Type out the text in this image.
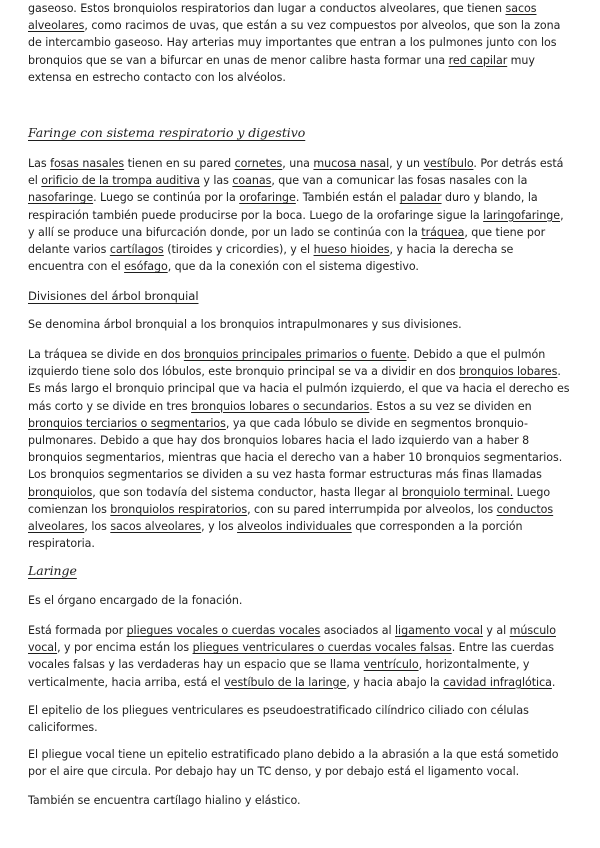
gaseoso. Estos bronquiolos respiratorios dan lugar a conductos alveolares, que tienen sacos alveolares, como racimos de uvas, que están a su vez compuestos por alveolos, que son la zona de intercambio gaseoso. Hay arterias muy importantes que entran a los pulmones junto con los bronquios que se van a bifurcar en unas de menor calibre hasta formar una red capilar muy extensa en estrecho contacto con los alvéolos.

Faringe con sistema respiratorio y digestivo

Las fosas nasales tienen en su pared cornetes, una mucosa nasal, y un vestíbulo. Por detrás está el orificio de la trompa auditiva y las coanas, que van a comunicar las fosas nasales con la nasofaringe. Luego se continúa por la orofaringe. También están el paladar duro y blando, la respiración también puede producirse por la boca. Luego de la orofaringe sigue la laringofaringe, y allí se produce una bifurcación donde, por un lado se continúa con la tráquea, que tiene por delante varios cartílagos (tiroides y cricordies), y el hueso hioides, y hacia la derecha se encuentra con el esófago, que da la conexión con el sistema digestivo.

Divisiones del árbol bronquial

Se denomina árbol bronquial a los bronquios intrapulmonares y sus divisiones.

La tráquea se divide en dos bronquios principales primarios o fuente. Debido a que el pulmón izquierdo tiene solo dos lóbulos, este bronquio principal se va a dividir en dos bronquios lobares. Es más largo el bronquio principal que va hacia el pulmón izquierdo, el que va hacia el derecho es más corto y se divide en tres bronquios lobares o secundarios. Estos a su vez se dividen en bronquios terciarios o segmentarios, ya que cada lóbulo se divide en segmentos bronquio-pulmonares. Debido a que hay dos bronquios lobares hacia el lado izquierdo van a haber 8 bronquios segmentarios, mientras que hacia el derecho van a haber 10 bronquios segmentarios. Los bronquios segmentarios se dividen a su vez hasta formar estructuras más finas llamadas bronquiolos, que son todavía del sistema conductor, hasta llegar al bronquiolo terminal. Luego comienzan los bronquiolos respiratorios, con su pared interrumpida por alveolos, los conductos alveolares, los sacos alveolares, y los alveolos individuales que corresponden a la porción respiratoria.

Laringe

Es el órgano encargado de la fonación.

Está formada por pliegues vocales o cuerdas vocales asociados al ligamento vocal y al músculo vocal, y por encima están los pliegues ventriculares o cuerdas vocales falsas. Entre las cuerdas vocales falsas y las verdaderas hay un espacio que se llama ventrículo, horizontalmente, y verticalmente, hacia arriba, está el vestíbulo de la laringe, y hacia abajo la cavidad infraglótica.

El epitelio de los pliegues ventriculares es pseudoestratificado cilíndrico ciliado con células caliciformes.

El pliegue vocal tiene un epitelio estratificado plano debido a la abrasión a la que está sometido por el aire que circula. Por debajo hay un TC denso, y por debajo está el ligamento vocal.

También se encuentra cartílago hialino y elástico.
